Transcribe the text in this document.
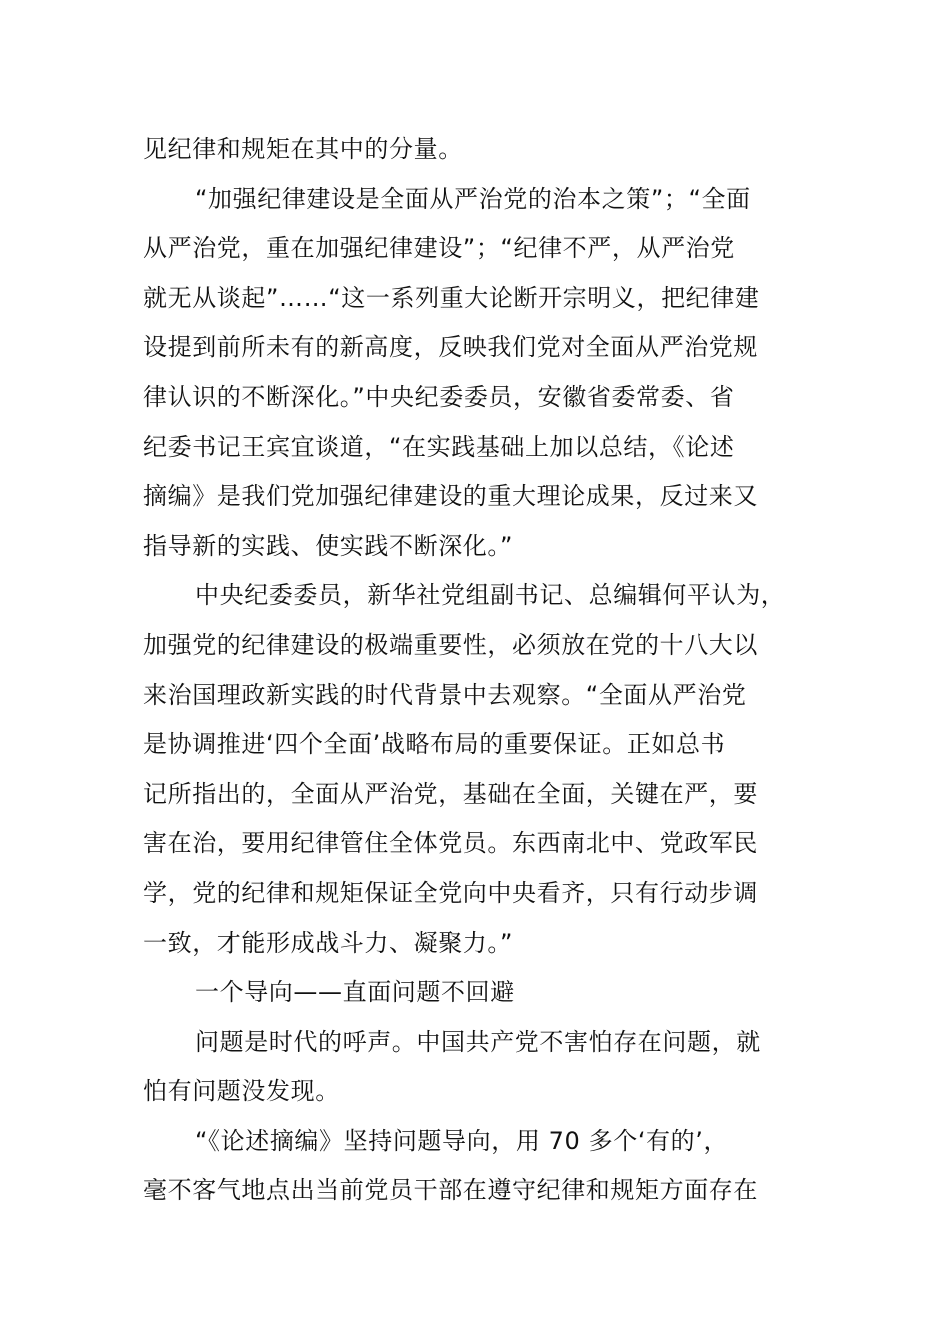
见纪律和规矩在其中的分量。
“加强纪律建设是全面从严治党的治本之策”；“全面
从严治党，重在加强纪律建设”；“纪律不严，从严治党
就无从谈起”……“这一系列重大论断开宗明义，把纪律建
设提到前所未有的新高度，反映我们党对全面从严治党规
律认识的不断深化。”中央纪委委员，安徽省委常委、省
纪委书记王宾宜谈道，“在实践基础上加以总结，《论述
摘编》是我们党加强纪律建设的重大理论成果，反过来又
指导新的实践、使实践不断深化。”
中央纪委委员，新华社党组副书记、总编辑何平认为，
加强党的纪律建设的极端重要性，必须放在党的十八大以
来治国理政新实践的时代背景中去观察。“全面从严治党
是协调推进‘四个全面’战略布局的重要保证。正如总书
记所指出的，全面从严治党，基础在全面，关键在严，要
害在治，要用纪律管住全体党员。东西南北中、党政军民
学，党的纪律和规矩保证全党向中央看齐，只有行动步调
一致，才能形成战斗力、凝聚力。”
一个导向——直面问题不回避
问题是时代的呼声。中国共产党不害怕存在问题，就
怕有问题没发现。
“《论述摘编》坚持问题导向，用 70 多个‘有的’，
毫不客气地点出当前党员干部在遵守纪律和规矩方面存在
